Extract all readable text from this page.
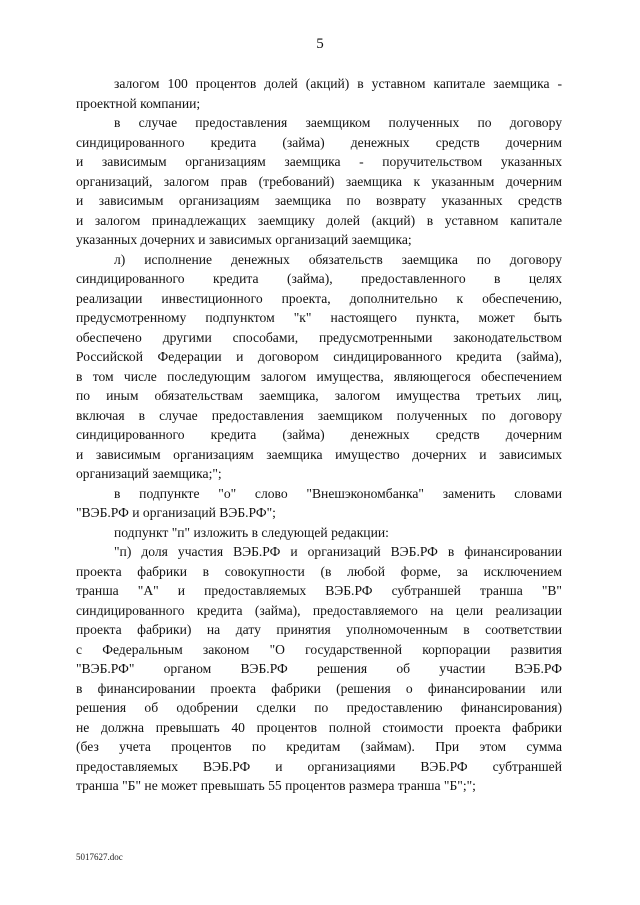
5
залогом 100 процентов долей (акций) в уставном капитале заемщика -
проектной компании;
в случае предоставления заемщиком полученных по договору
синдицированного кредита (займа) денежных средств дочерним
и зависимым организациям заемщика - поручительством указанных
организаций, залогом прав (требований) заемщика к указанным дочерним
и зависимым организациям заемщика по возврату указанных средств
и залогом принадлежащих заемщику долей (акций) в уставном капитале
указанных дочерних и зависимых организаций заемщика;
л) исполнение денежных обязательств заемщика по договору
синдицированного кредита (займа), предоставленного в целях
реализации инвестиционного проекта, дополнительно к обеспечению,
предусмотренному подпунктом "к" настоящего пункта, может быть
обеспечено другими способами, предусмотренными законодательством
Российской Федерации и договором синдицированного кредита (займа),
в том числе последующим залогом имущества, являющегося обеспечением
по иным обязательствам заемщика, залогом имущества третьих лиц,
включая в случае предоставления заемщиком полученных по договору
синдицированного кредита (займа) денежных средств дочерним
и зависимым организациям заемщика имущество дочерних и зависимых
организаций заемщика;";
в подпункте "о" слово "Внешэкономбанка" заменить словами
"ВЭБ.РФ и организаций ВЭБ.РФ";
подпункт "п" изложить в следующей редакции:
"п) доля участия ВЭБ.РФ и организаций ВЭБ.РФ в финансировании
проекта фабрики в совокупности (в любой форме, за исключением
транша "А" и предоставляемых ВЭБ.РФ субтраншей транша "В"
синдицированного кредита (займа), предоставляемого на цели реализации
проекта фабрики) на дату принятия уполномоченным в соответствии
с Федеральным законом "О государственной корпорации развития
"ВЭБ.РФ" органом ВЭБ.РФ решения об участии ВЭБ.РФ
в финансировании проекта фабрики (решения о финансировании или
решения об одобрении сделки по предоставлению финансирования)
не должна превышать 40 процентов полной стоимости проекта фабрики
(без учета процентов по кредитам (займам). При этом сумма
предоставляемых ВЭБ.РФ и организациями ВЭБ.РФ субтраншей
транша "Б" не может превышать 55 процентов размера транша "Б";";
5017627.doc
